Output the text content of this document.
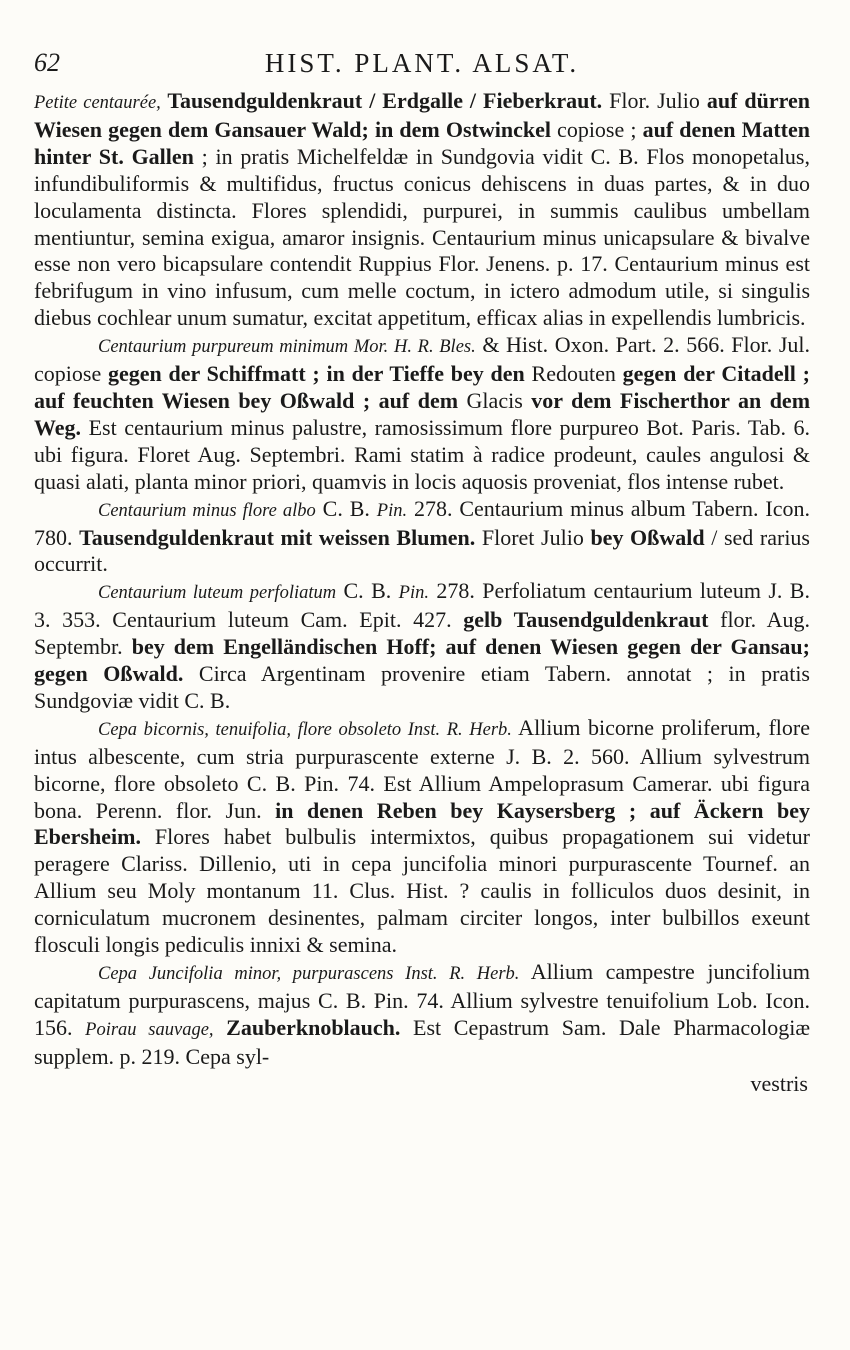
62	HIST. PLANT. ALSAT.

Petite centaurée, Tausendguldenkraut / Erdgalle / Fieberkraut. Flor. Julio auf dürren Wiesen gegen dem Gansauer Wald; in dem Ostwinckel copiose ; auf denen Matten hinter St. Gallen ; in pratis Michelfeldæ in Sundgovia vidit C. B. Flos monopetalus, infundibuliformis & multifidus, fructus conicus dehiscens in duas partes, & in duo loculamenta distincta. Flores splendidi, purpurei, in summis caulibus umbellam mentiuntur, semina exigua, amaror insignis. Centaurium minus unicapsulare & bivalve esse non vero bicapsulare contendit Ruppius Flor. Jenens. p. 17. Centaurium minus est febrifugum in vino infusum, cum melle coctum, in ictero admodum utile, si singulis diebus cochlear unum sumatur, excitat appetitum, efficax alias in expellendis lumbricis.

Centaurium purpureum minimum Mor. H. R. Bles. & Hist. Oxon. Part. 2. 566. Flor. Jul. copiose gegen der Schiffmatt ; in der Tieffe bey den Redouten gegen der Citadell ; auf feuchten Wiesen bey Oßwald ; auf dem Glacis vor dem Fischerthor an dem Weg. Est centaurium minus palustre, ramosissimum flore purpureo Bot. Paris. Tab. 6. ubi figura. Floret Aug. Septembri. Rami statim à radice prodeunt, caules angulosi & quasi alati, planta minor priori, quamvis in locis aquosis proveniat, flos intense rubet.

Centaurium minus flore albo C. B. Pin. 278. Centaurium minus album Tabern. Icon. 780. Tausendguldenkraut mit weissen Blumen. Floret Julio bey Oßwald / sed rarius occurrit.

Centaurium luteum perfoliatum C. B. Pin. 278. Perfoliatum centaurium luteum J. B. 3. 353. Centaurium luteum Cam. Epit. 427. gelb Tausendguldenkraut flor. Aug. Septembr. bey dem Engelländischen Hoff; auf denen Wiesen gegen der Gansau; gegen Oßwald. Circa Argentinam provenire etiam Tabern. annotat ; in pratis Sundgoviæ vidit C. B.

Cepa bicornis, tenuifolia, flore obsoleto Inst. R. Herb. Allium bicorne proliferum, flore intus albescente, cum stria purpurascente externe J. B. 2. 560. Allium sylvestrum bicorne, flore obsoleto C. B. Pin. 74. Est Allium Ampeloprasum Camerar. ubi figura bona. Perenn. flor. Jun. in denen Reben bey Kaysersberg ; auf Äckern bey Ebersheim. Flores habet bulbulis intermixtos, quibus propagationem sui videtur peragere Clariss. Dillenio, uti in cepa juncifolia minori purpurascente Tournef. an Allium seu Moly montanum 11. Clus. Hist. ? caulis in folliculos duos desinit, in corniculatum mucronem desinentes, palmam circiter longos, inter bulbillos exeunt flosculi longis pediculis innixi & semina.

Cepa Juncifolia minor, purpurascens Inst. R. Herb. Allium campestre juncifolium capitatum purpurascens, majus C. B. Pin. 74. Allium sylvestre tenuifolium Lob. Icon. 156. Poirau sauvage, Zauberknoblauch. Est Cepastrum Sam. Dale Pharmacologiæ supplem. p. 219. Cepa syl-

vestris
